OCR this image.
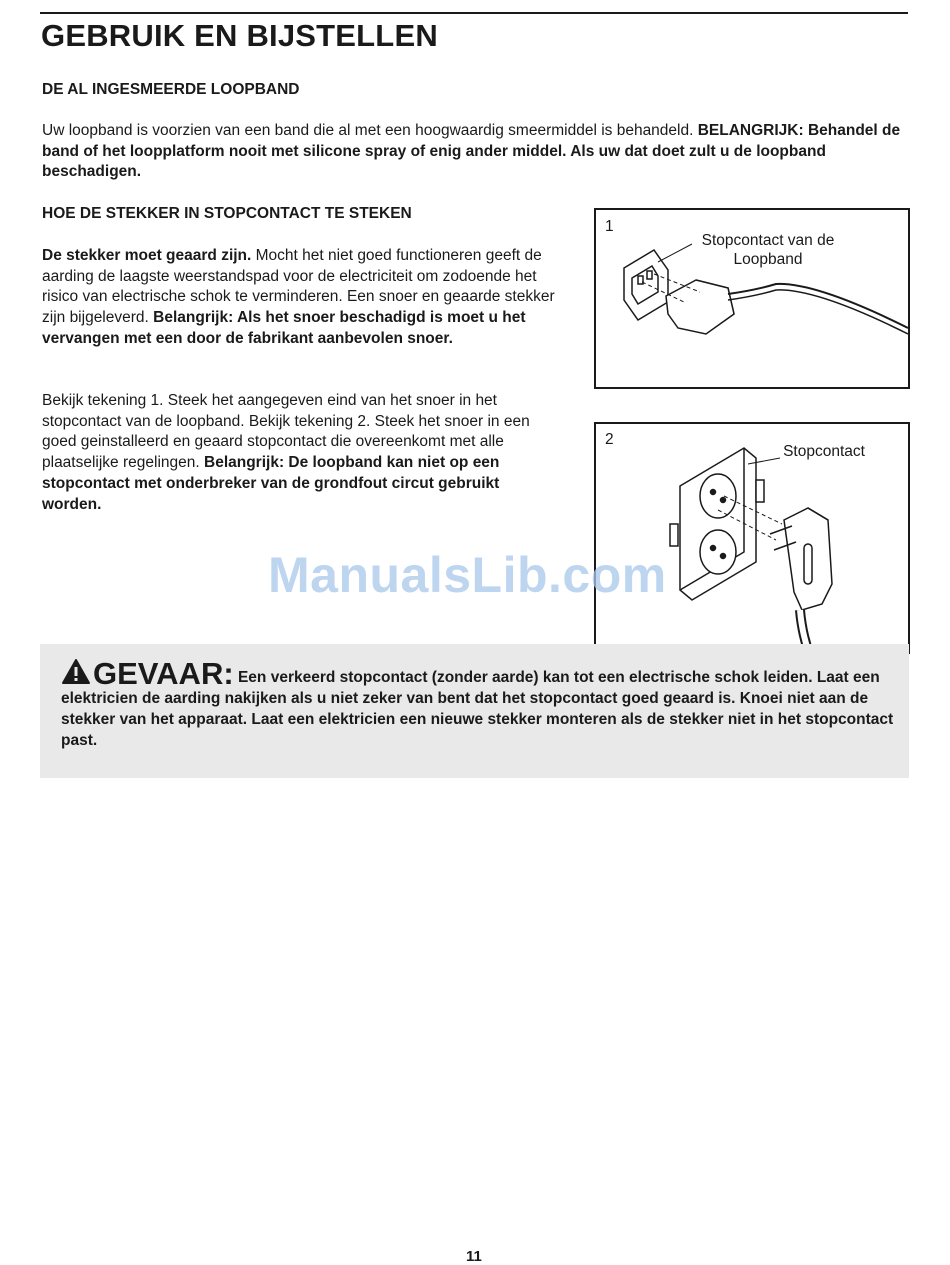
GEBRUIK EN BIJSTELLEN
DE AL INGESMEERDE LOOPBAND

Uw loopband is voorzien van een band die al met een hoogwaardig smeermiddel is behandeld. BELANGRIJK: Behandel de band of het loopplatform nooit met silicone spray of enig ander middel. Als uw dat doet zult u de loopband beschadigen.

HOE DE STEKKER IN STOPCONTACT TE STEKEN

De stekker moet geaard zijn. Mocht het niet goed functioneren geeft de aarding de laagste weerstandspad voor de electriciteit om zodoende het risico van electrische schok te verminderen. Een snoer en geaarde stekker zijn bijgeleverd. Belangrijk: Als het snoer beschadigd is moet u het vervangen met een door de fabrikant aanbevolen snoer.

Bekijk tekening 1. Steek het aangegeven eind van het snoer in het stopcontact van de loopband. Bekijk tekening 2. Steek het snoer in een goed geinstalleerd en geaard stopcontact die overeenkomt met alle plaatselijke regelingen. Belangrijk: De loopband kan niet op een stopcontact met onderbreker van de grondfout circut gebruikt worden.

1
Stopcontact van de Loopband
2
Stopcontact
ManualsLib.com

GEVAAR: Een verkeerd stopcontact (zonder aarde) kan tot een electrische schok leiden. Laat een elektricien de aarding nakijken als u niet zeker van bent dat het stopcontact goed geaard is. Knoei niet aan de stekker van het apparaat. Laat een elektricien een nieuwe stekker monteren als de stekker niet in het stopcontact past.

11
